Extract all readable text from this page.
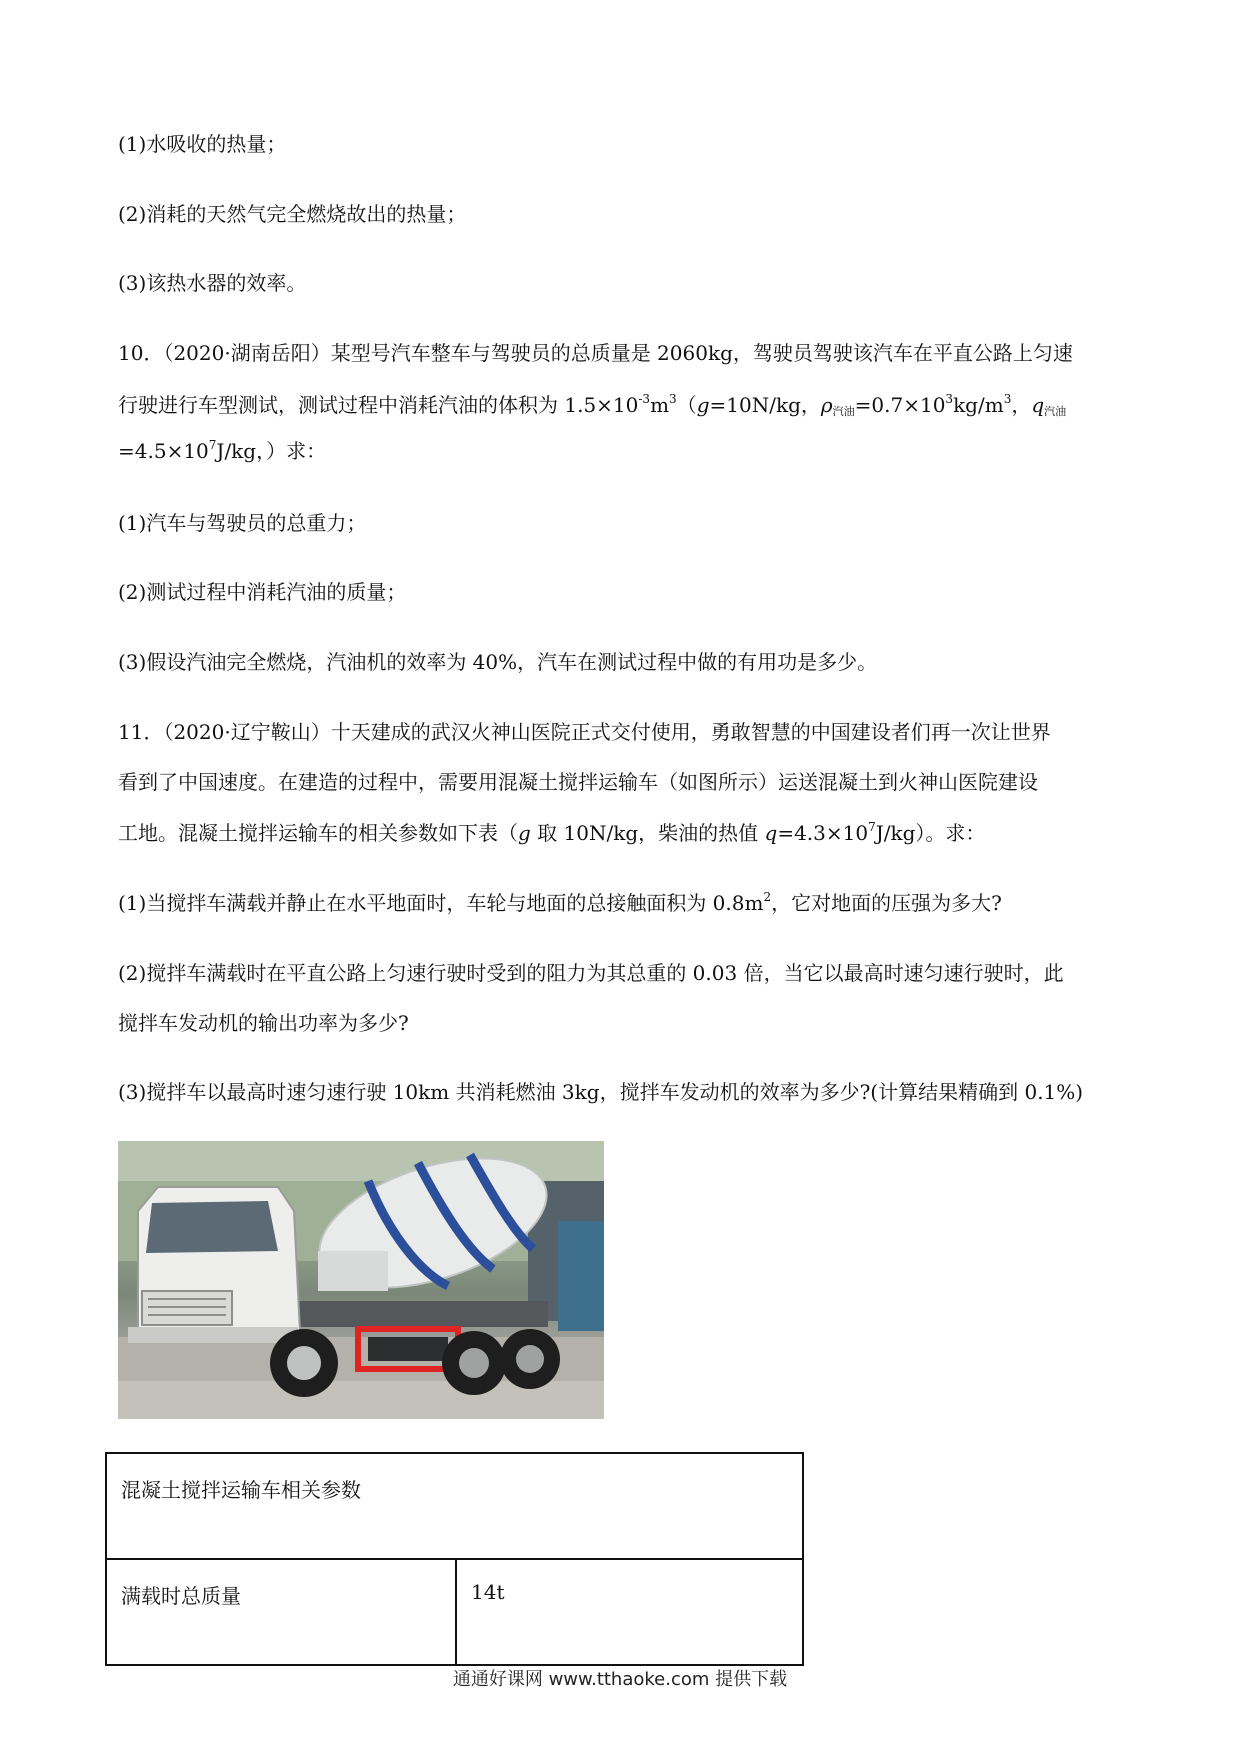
(1)水吸收的热量；
(2)消耗的天然气完全燃烧故出的热量；
(3)该热水器的效率。
10．（2020·湖南岳阳）某型号汽车整车与驾驶员的总质量是 2060kg，驾驶员驾驶该汽车在平直公路上匀速
行驶进行车型测试，测试过程中消耗汽油的体积为 $1.5\times 10^{-3}m^3(g=10N/kg$，$\rho_{汽油}=0.7\times 10^3kg/m^3$，$q_{汽油}$
$=4.5\times 10^7J/kg$，）求：
(1)汽车与驾驶员的总重力；
(2)测试过程中消耗汽油的质量；
(3)假设汽油完全燃烧，汽油机的效率为 40%，汽车在测试过程中做的有用功是多少。
11．（2020·辽宁鞍山）十天建成的武汉火神山医院正式交付使用，勇敢智慧的中国建设者们再一次让世界
看到了中国速度。在建造的过程中，需要用混凝土搅拌运输车（如图所示）运送混凝土到火神山医院建设
工地。混凝土搅拌运输车的相关参数如下表（g 取 10N/kg，柴油的热值 $q=4.3\times 10^7J/kg$）。求：
(1)当搅拌车满载并静止在水平地面时，车轮与地面的总接触面积为 $0.8m^2$，它对地面的压强为多大?
(2)搅拌车满载时在平直公路上匀速行驶时受到的阻力为其总重的 0.03 倍，当它以最高时速匀速行驶时，此
搅拌车发动机的输出功率为多少?
(3)搅拌车以最高时速匀速行驶 10km 共消耗燃油 3kg，搅拌车发动机的效率为多少?(计算结果精确到 0.1%)
混凝土搅拌运输车相关参数
满载时总质量	14t
通通好课网 www.tthaoke.com 提供下载
